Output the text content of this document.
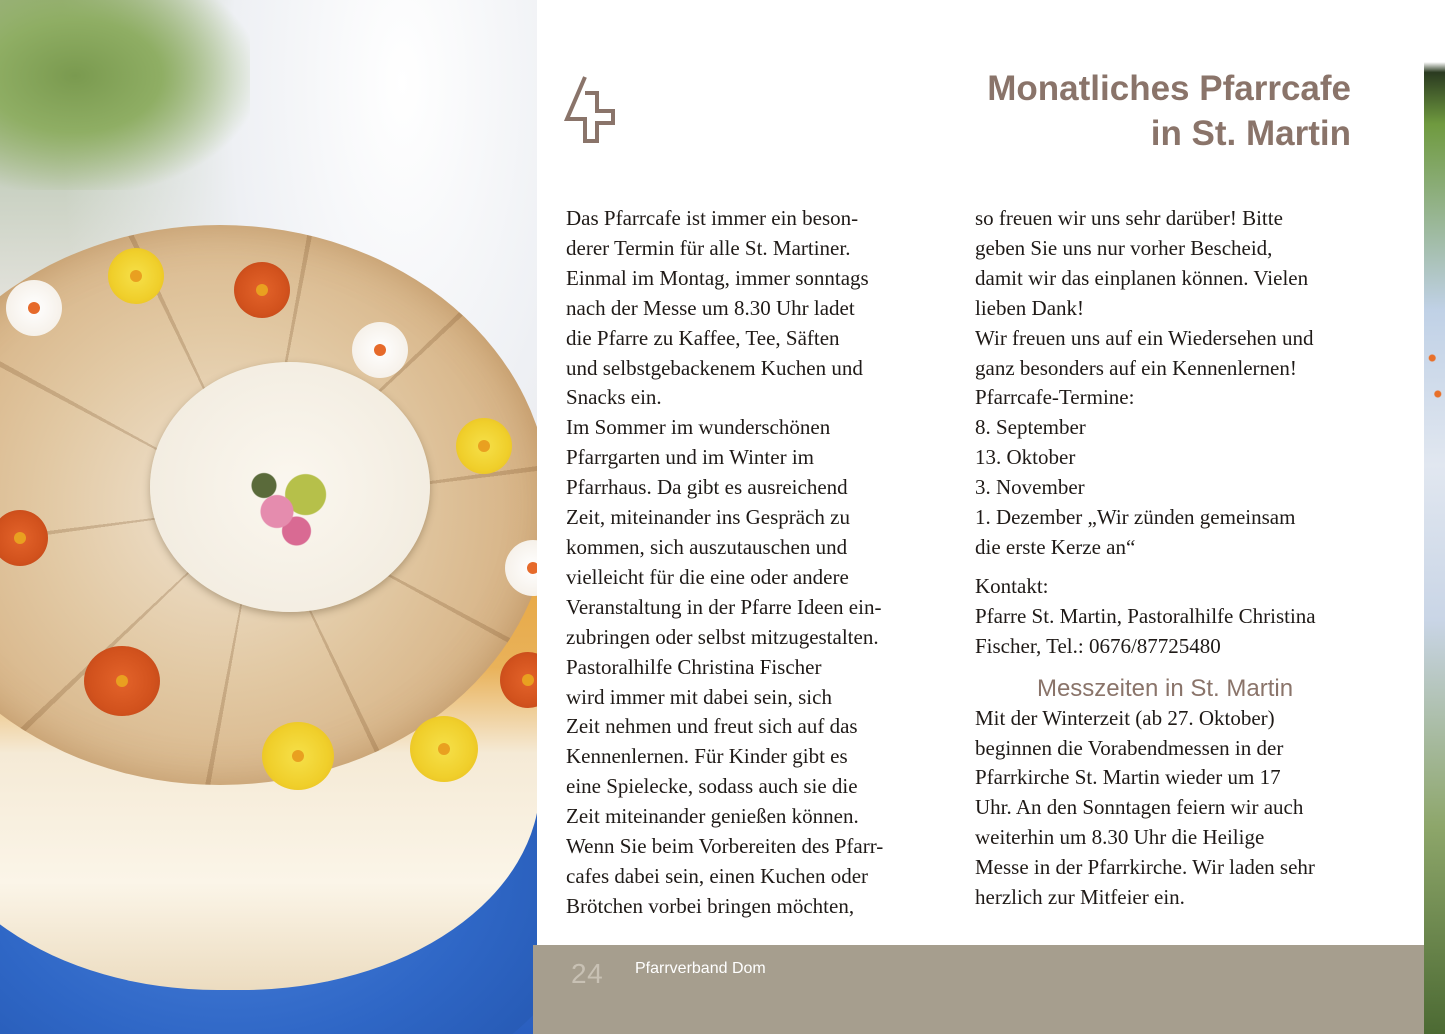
Monatliches Pfarrcafe
in St. Martin
Das Pfarrcafe ist immer ein beson-
derer Termin für alle St. Martiner.
Einmal im Montag, immer sonntags
nach der Messe um 8.30 Uhr ladet
die Pfarre zu Kaffee, Tee, Säften
und selbstgebackenem Kuchen und
Snacks ein.
Im Sommer im wunderschönen
Pfarrgarten und im Winter im
Pfarrhaus. Da gibt es ausreichend
Zeit, miteinander ins Gespräch zu
kommen, sich auszutauschen und
vielleicht für die eine oder andere
Veranstaltung in der Pfarre Ideen ein-
zubringen oder selbst mitzugestalten.
Pastoralhilfe Christina Fischer
wird immer mit dabei sein, sich
Zeit nehmen und freut sich auf das
Kennenlernen. Für Kinder gibt es
eine Spielecke, sodass auch sie die
Zeit miteinander genießen können.
Wenn Sie beim Vorbereiten des Pfarr-
cafes dabei sein, einen Kuchen oder
Brötchen vorbei bringen möchten,
so freuen wir uns sehr darüber! Bitte
geben Sie uns nur vorher Bescheid,
damit wir das einplanen können. Vielen
lieben Dank!
Wir freuen uns auf ein Wiedersehen und
ganz besonders auf ein Kennenlernen!
Pfarrcafe-Termine:
8. September
13. Oktober
3. November
1. Dezember „Wir zünden gemeinsam
die erste Kerze an“
Kontakt:
Pfarre St. Martin, Pastoralhilfe Christina
Fischer, Tel.: 0676/87725480
Messzeiten in St. Martin
Mit der Winterzeit (ab 27. Oktober)
beginnen die Vorabendmessen in der
Pfarrkirche St. Martin wieder um 17
Uhr. An den Sonntagen feiern wir auch
weiterhin um 8.30 Uhr die Heilige
Messe in der Pfarrkirche. Wir laden sehr
herzlich zur Mitfeier ein.
24 Pfarrverband Dom
